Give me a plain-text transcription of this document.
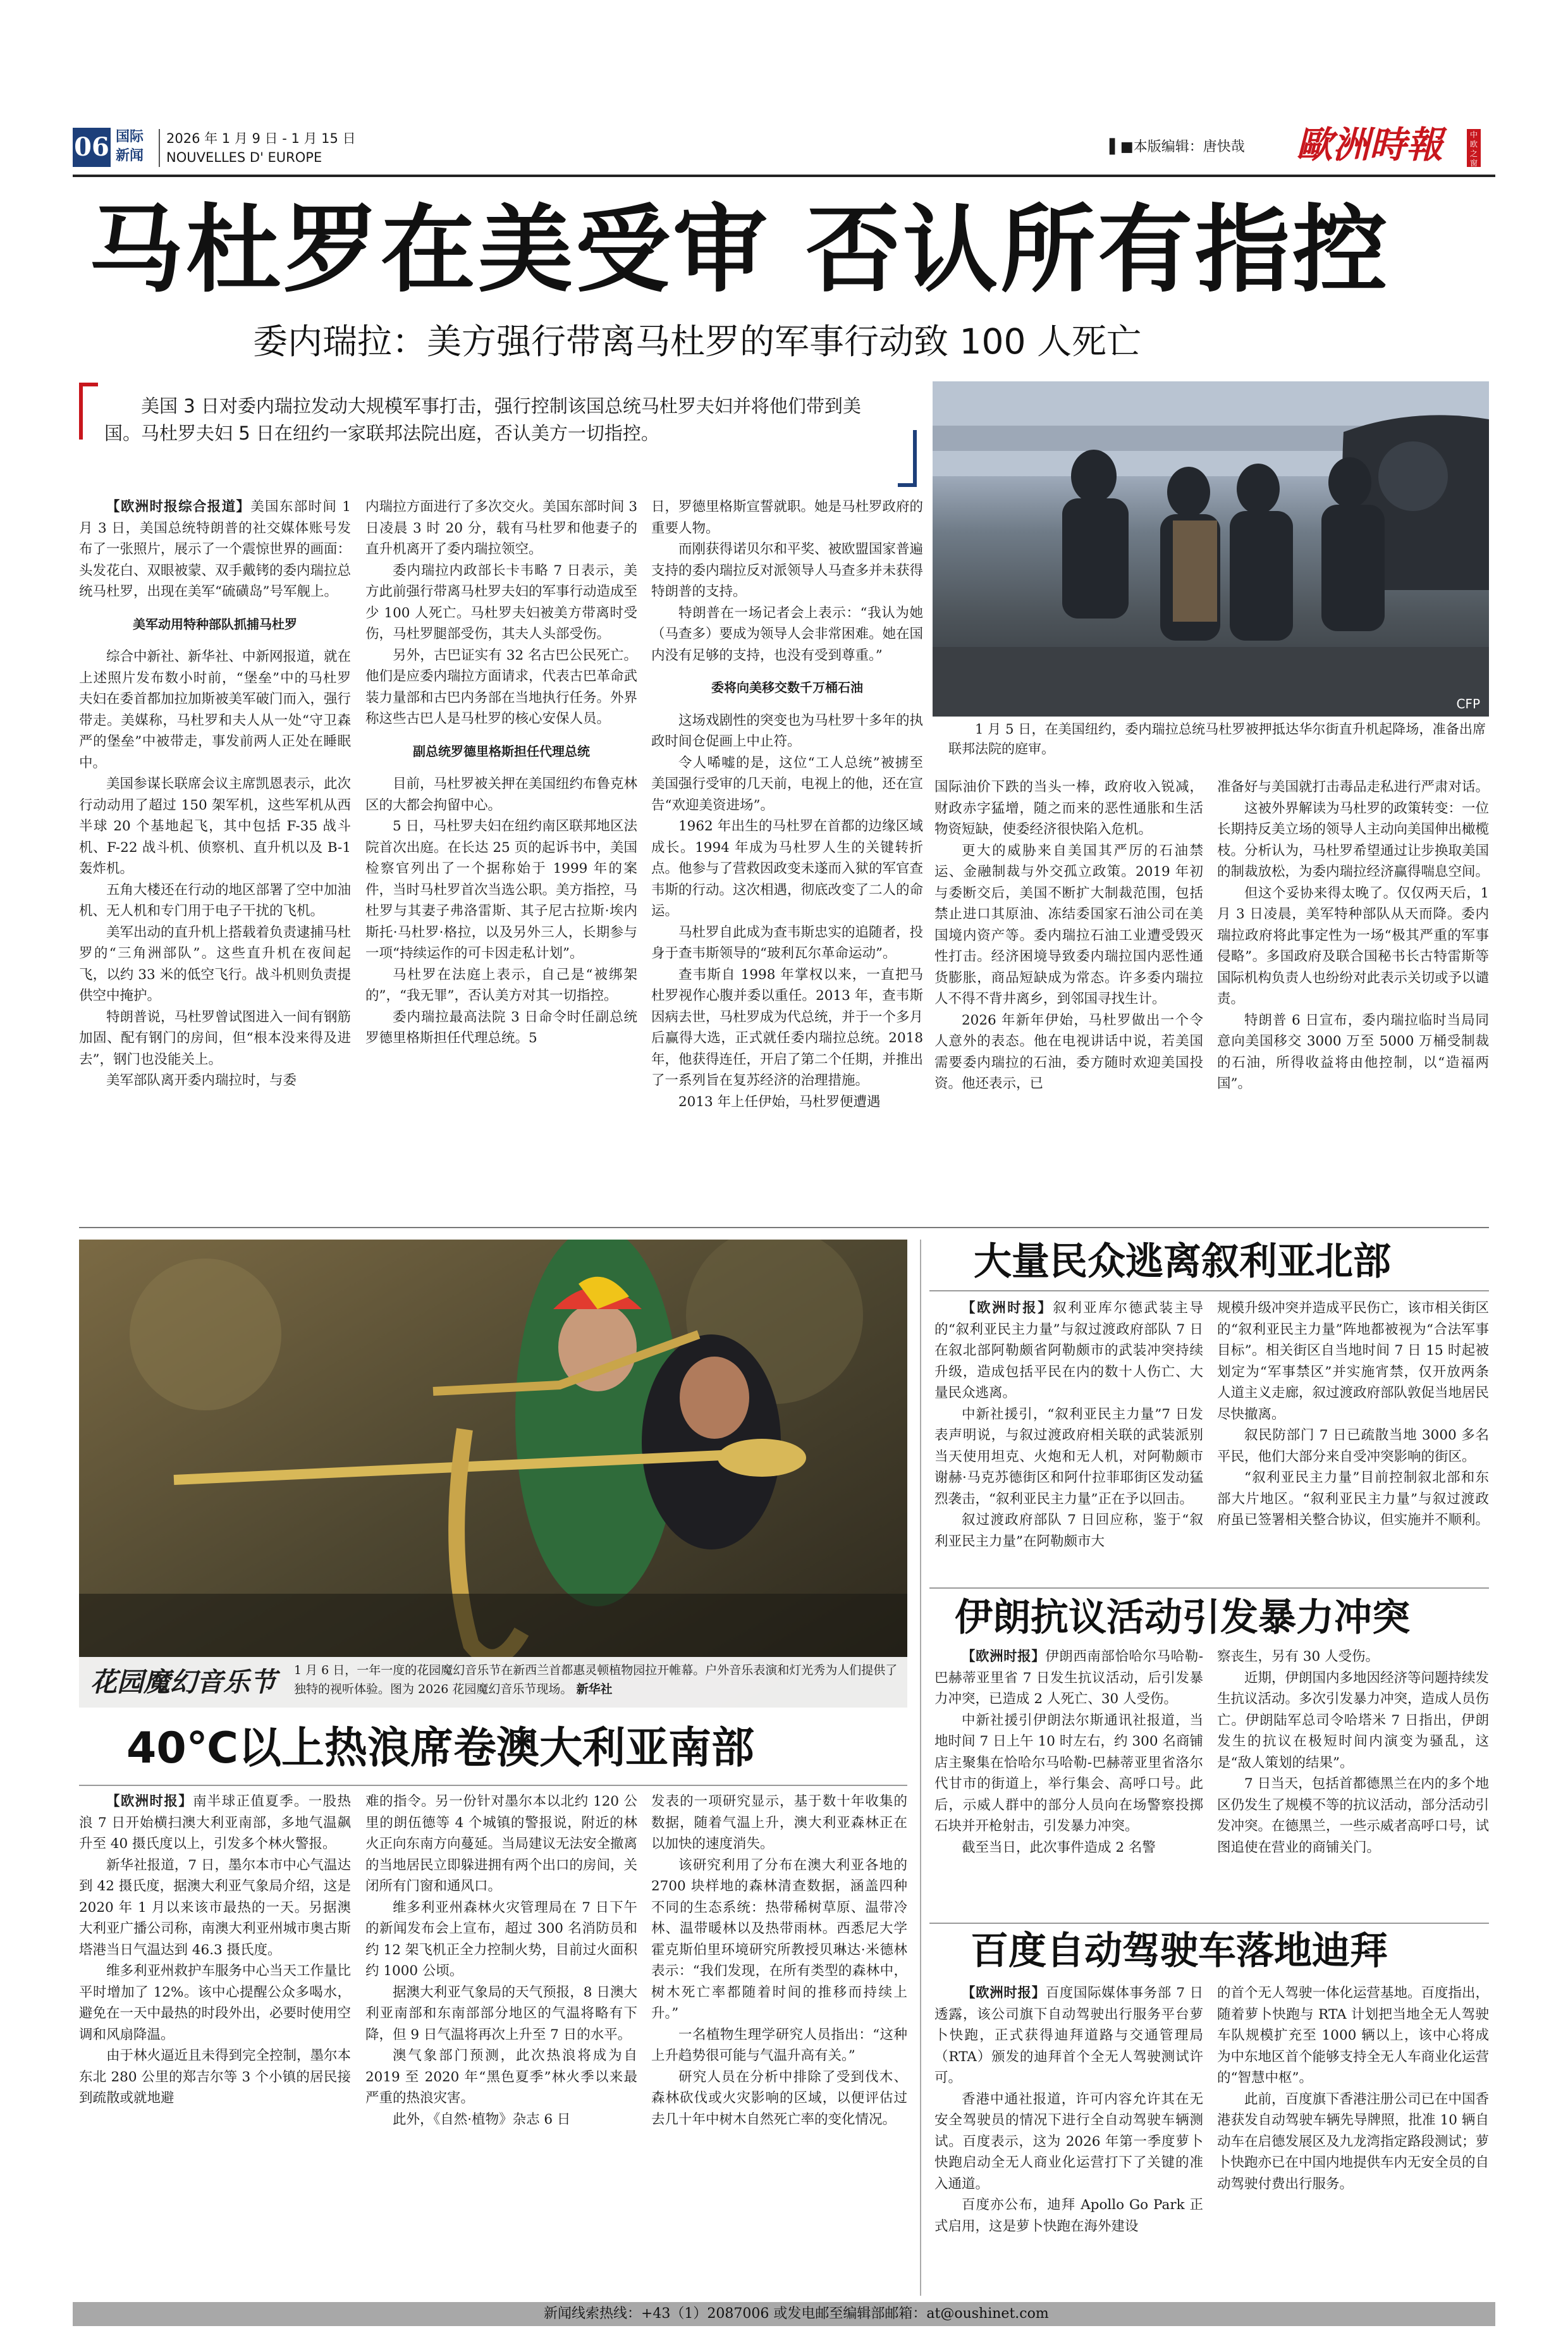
06 国际
新闻
2026 年 1 月 9 日 - 1 月 15 日
NOUVELLES D' EUROPE
▌■本版编辑：唐快哉 歐洲時報	中欧之窗
马杜罗在美受审 否认所有指控
委内瑞拉：美方强行带离马杜罗的军事行动致 100 人死亡
美国 3 日对委内瑞拉发动大规模军事打击，强行控制该国总统马杜罗夫妇并将他们带到美国。马杜罗夫妇 5 日在纽约一家联邦法院出庭，否认美方一切指控。
CFP
1 月 5 日，在美国纽约，委内瑞拉总统马杜罗被押抵达华尔街直升机起降场，准备出席联邦法院的庭审。

【欧洲时报综合报道】美国东部时间 1 月 3 日，美国总统特朗普的社交媒体账号发布了一张照片，展示了一个震惊世界的画面：头发花白、双眼被蒙、双手戴铐的委内瑞拉总统马杜罗，出现在美军“硫磺岛”号军舰上。

美军动用特种部队抓捕马杜罗

综合中新社、新华社、中新网报道，就在上述照片发布数小时前，“堡垒”中的马杜罗夫妇在委首都加拉加斯被美军破门而入，强行带走。美媒称，马杜罗和夫人从一处“守卫森严的堡垒”中被带走，事发前两人正处在睡眠中。

美国参谋长联席会议主席凯恩表示，此次行动动用了超过 150 架军机，这些军机从西半球 20 个基地起飞，其中包括 F-35 战斗机、F-22 战斗机、侦察机、直升机以及 B-1 轰炸机。

五角大楼还在行动的地区部署了空中加油机、无人机和专门用于电子干扰的飞机。

美军出动的直升机上搭载着负责逮捕马杜罗的“三角洲部队”。这些直升机在夜间起飞，以约 33 米的低空飞行。战斗机则负责提供空中掩护。

特朗普说，马杜罗曾试图进入一间有钢筋加固、配有钢门的房间，但“根本没来得及进去”，钢门也没能关上。

美军部队离开委内瑞拉时，与委

内瑞拉方面进行了多次交火。美国东部时间 3 日凌晨 3 时 20 分，载有马杜罗和他妻子的直升机离开了委内瑞拉领空。

委内瑞拉内政部长卡韦略 7 日表示，美方此前强行带离马杜罗夫妇的军事行动造成至少 100 人死亡。马杜罗夫妇被美方带离时受伤，马杜罗腿部受伤，其夫人头部受伤。

另外，古巴证实有 32 名古巴公民死亡。他们是应委内瑞拉方面请求，代表古巴革命武装力量部和古巴内务部在当地执行任务。外界称这些古巴人是马杜罗的核心安保人员。

副总统罗德里格斯担任代理总统

目前，马杜罗被关押在美国纽约布鲁克林区的大都会拘留中心。

5 日，马杜罗夫妇在纽约南区联邦地区法院首次出庭。在长达 25 页的起诉书中，美国检察官列出了一个据称始于 1999 年的案件，当时马杜罗首次当选公职。美方指控，马杜罗与其妻子弗洛雷斯、其子尼古拉斯·埃内斯托·马杜罗·格拉，以及另外三人，长期参与一项“持续运作的可卡因走私计划”。

马杜罗在法庭上表示，自己是“被绑架的”，“我无罪”，否认美方对其一切指控。

委内瑞拉最高法院 3 日命令时任副总统罗德里格斯担任代理总统。5

日，罗德里格斯宣誓就职。她是马杜罗政府的重要人物。

而刚获得诺贝尔和平奖、被欧盟国家普遍支持的委内瑞拉反对派领导人马查多并未获得特朗普的支持。

特朗普在一场记者会上表示：“我认为她（马查多）要成为领导人会非常困难。她在国内没有足够的支持，也没有受到尊重。”

委将向美移交数千万桶石油

这场戏剧性的突变也为马杜罗十多年的执政时间仓促画上中止符。

令人唏嘘的是，这位“工人总统”被掳至美国强行受审的几天前，电视上的他，还在宣告“欢迎美资进场”。

1962 年出生的马杜罗在首都的边缘区域成长。1994 年成为马杜罗人生的关键转折点。他参与了营救因政变未遂而入狱的军官查韦斯的行动。这次相遇，彻底改变了二人的命运。

马杜罗自此成为查韦斯忠实的追随者，投身于查韦斯领导的“玻利瓦尔革命运动”。

查韦斯自 1998 年掌权以来，一直把马杜罗视作心腹并委以重任。2013 年，查韦斯因病去世，马杜罗成为代总统，并于一个多月后赢得大选，正式就任委内瑞拉总统。2018 年，他获得连任，开启了第二个任期，并推出了一系列旨在复苏经济的治理措施。

2013 年上任伊始，马杜罗便遭遇

国际油价下跌的当头一棒，政府收入锐减，财政赤字猛增，随之而来的恶性通胀和生活物资短缺，使委经济很快陷入危机。

更大的威胁来自美国其严厉的石油禁运、金融制裁与外交孤立政策。2019 年初与委断交后，美国不断扩大制裁范围，包括禁止进口其原油、冻结委国家石油公司在美国境内资产等。委内瑞拉石油工业遭受毁灭性打击。经济困境导致委内瑞拉国内恶性通货膨胀，商品短缺成为常态。许多委内瑞拉人不得不背井离乡，到邻国寻找生计。

2026 年新年伊始，马杜罗做出一个令人意外的表态。他在电视讲话中说，若美国需要委内瑞拉的石油，委方随时欢迎美国投资。他还表示，已

准备好与美国就打击毒品走私进行严肃对话。

这被外界解读为马杜罗的政策转变：一位长期持反美立场的领导人主动向美国伸出橄榄枝。分析认为，马杜罗希望通过让步换取美国的制裁放松，为委内瑞拉经济赢得喘息空间。

但这个妥协来得太晚了。仅仅两天后，1 月 3 日凌晨，美军特种部队从天而降。委内瑞拉政府将此事定性为一场“极其严重的军事侵略”。多国政府及联合国秘书长古特雷斯等国际机构负责人也纷纷对此表示关切或予以谴责。

特朗普 6 日宣布，委内瑞拉临时当局同意向美国移交 3000 万至 5000 万桶受制裁的石油，所得收益将由他控制，以“造福两国”。

花园魔幻音乐节 1 月 6 日，一年一度的花园魔幻音乐节在新西兰首都惠灵顿植物园拉开帷幕。户外音乐表演和灯光秀为人们提供了独特的视听体验。图为 2026 花园魔幻音乐节现场。 新华社
大量民众逃离叙利亚北部

【欧洲时报】叙利亚库尔德武装主导的“叙利亚民主力量”与叙过渡政府部队 7 日在叙北部阿勒颇省阿勒颇市的武装冲突持续升级，造成包括平民在内的数十人伤亡、大量民众逃离。

中新社援引，“叙利亚民主力量”7 日发表声明说，与叙过渡政府相关联的武装派别当天使用坦克、火炮和无人机，对阿勒颇市谢赫·马克苏德街区和阿什拉菲耶街区发动猛烈袭击，“叙利亚民主力量”正在予以回击。

叙过渡政府部队 7 日回应称，鉴于“叙利亚民主力量”在阿勒颇市大

规模升级冲突并造成平民伤亡，该市相关街区的“叙利亚民主力量”阵地都被视为“合法军事目标”。相关街区自当地时间 7 日 15 时起被划定为“军事禁区”并实施宵禁，仅开放两条人道主义走廊，叙过渡政府部队敦促当地居民尽快撤离。

叙民防部门 7 日已疏散当地 3000 多名平民，他们大部分来自受冲突影响的街区。

“叙利亚民主力量”目前控制叙北部和东部大片地区。“叙利亚民主力量”与叙过渡政府虽已签署相关整合协议，但实施并不顺利。

伊朗抗议活动引发暴力冲突

【欧洲时报】伊朗西南部恰哈尔马哈勒-巴赫蒂亚里省 7 日发生抗议活动，后引发暴力冲突，已造成 2 人死亡、30 人受伤。

中新社援引伊朗法尔斯通讯社报道，当地时间 7 日上午 10 时左右，约 300 名商铺店主聚集在恰哈尔马哈勒-巴赫蒂亚里省洛尔代甘市的街道上，举行集会、高呼口号。此后，示威人群中的部分人员向在场警察投掷石块并开枪射击，引发暴力冲突。

截至当日，此次事件造成 2 名警

察丧生，另有 30 人受伤。

近期，伊朗国内多地因经济等问题持续发生抗议活动。多次引发暴力冲突，造成人员伤亡。伊朗陆军总司令哈塔米 7 日指出，伊朗发生的抗议在极短时间内演变为骚乱，这是“敌人策划的结果”。

7 日当天，包括首都德黑兰在内的多个地区仍发生了规模不等的抗议活动，部分活动引发冲突。在德黑兰，一些示威者高呼口号，试图追使在营业的商铺关门。

百度自动驾驶车落地迪拜

【欧洲时报】百度国际媒体事务部 7 日透露，该公司旗下自动驾驶出行服务平台萝卜快跑，正式获得迪拜道路与交通管理局（RTA）颁发的迪拜首个全无人驾驶测试许可。

香港中通社报道，许可内容允许其在无安全驾驶员的情况下进行全自动驾驶车辆测试。百度表示，这为 2026 年第一季度萝卜快跑启动全无人商业化运营打下了关键的准入通道。

百度亦公布，迪拜 Apollo Go Park 正式启用，这是萝卜快跑在海外建设

的首个无人驾驶一体化运营基地。百度指出，随着萝卜快跑与 RTA 计划把当地全无人驾驶车队规模扩充至 1000 辆以上，该中心将成为中东地区首个能够支持全无人车商业化运营的“智慧中枢”。

此前，百度旗下香港注册公司已在中国香港获发自动驾驶车辆先导牌照，批准 10 辆自动车在启德发展区及九龙湾指定路段测试；萝卜快跑亦已在中国内地提供车内无安全员的自动驾驶付费出行服务。

40℃以上热浪席卷澳大利亚南部

【欧洲时报】南半球正值夏季。一股热浪 7 日开始横扫澳大利亚南部，多地气温飙升至 40 摄氏度以上，引发多个林火警报。

新华社报道，7 日，墨尔本市中心气温达到 42 摄氏度，据澳大利亚气象局介绍，这是 2020 年 1 月以来该市最热的一天。另据澳大利亚广播公司称，南澳大利亚州城市奥古斯塔港当日气温达到 46.3 摄氏度。

维多利亚州救护车服务中心当天工作量比平时增加了 12%。该中心提醒公众多喝水，避免在一天中最热的时段外出，必要时使用空调和风扇降温。

由于林火逼近且未得到完全控制，墨尔本东北 280 公里的郑吉尔等 3 个小镇的居民接到疏散或就地避

难的指令。另一份针对墨尔本以北约 120 公里的朗伍德等 4 个城镇的警报说，附近的林火正向东南方向蔓延。当局建议无法安全撤离的当地居民立即躲进拥有两个出口的房间，关闭所有门窗和通风口。

维多利亚州森林火灾管理局在 7 日下午的新闻发布会上宣布，超过 300 名消防员和约 12 架飞机正全力控制火势，目前过火面积约 1000 公顷。

据澳大利亚气象局的天气预报，8 日澳大利亚南部和东南部部分地区的气温将略有下降，但 9 日气温将再次上升至 7 日的水平。

澳气象部门预测，此次热浪将成为自 2019 至 2020 年“黑色夏季”林火季以来最严重的热浪灾害。

此外，《自然·植物》杂志 6 日

发表的一项研究显示，基于数十年收集的数据，随着气温上升，澳大利亚森林正在以加快的速度消失。

该研究利用了分布在澳大利亚各地的 2700 块样地的森林清查数据，涵盖四种不同的生态系统：热带稀树草原、温带冷林、温带暖林以及热带雨林。西悉尼大学霍克斯伯里环境研究所教授贝琳达·米德林表示：“我们发现，在所有类型的森林中，树木死亡率都随着时间的推移而持续上升。”

一名植物生理学研究人员指出：“这种上升趋势很可能与气温升高有关。”

研究人员在分析中排除了受到伐木、森林砍伐或火灾影响的区域，以便评估过去几十年中树木自然死亡率的变化情况。

新闻线索热线：+43（1）2087006 或发电邮至编辑部邮箱：at@oushinet.com
